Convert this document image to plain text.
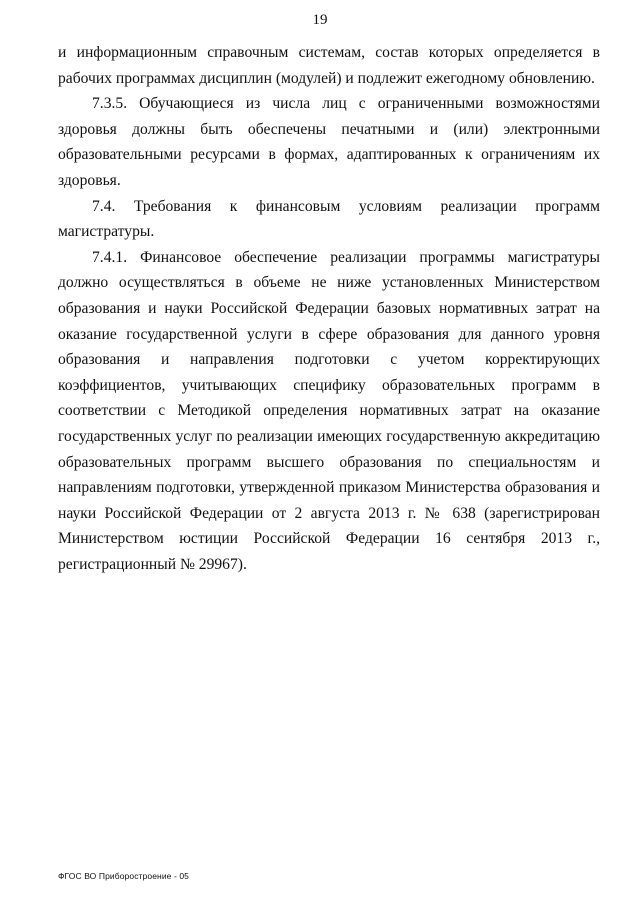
19

и информационным справочным системам, состав которых определяется в рабочих программах дисциплин (модулей) и подлежит ежегодному обновлению.

7.3.5. Обучающиеся из числа лиц с ограниченными возможностями здоровья должны быть обеспечены печатными и (или) электронными образовательными ресурсами в формах, адаптированных к ограничениям их здоровья.

7.4. Требования к финансовым условиям реализации программ магистратуры.

7.4.1. Финансовое обеспечение реализации программы магистратуры должно осуществляться в объеме не ниже установленных Министерством образования и науки Российской Федерации базовых нормативных затрат на оказание государственной услуги в сфере образования для данного уровня образования и направления подготовки с учетом корректирующих коэффициентов, учитывающих специфику образовательных программ в соответствии с Методикой определения нормативных затрат на оказание государственных услуг по реализации имеющих государственную аккредитацию образовательных программ высшего образования по специальностям и направлениям подготовки, утвержденной приказом Министерства образования и науки Российской Федерации от 2 августа 2013 г. № 638 (зарегистрирован Министерством юстиции Российской Федерации 16 сентября 2013 г., регистрационный № 29967).

ФГОС ВО Приборостроение - 05
